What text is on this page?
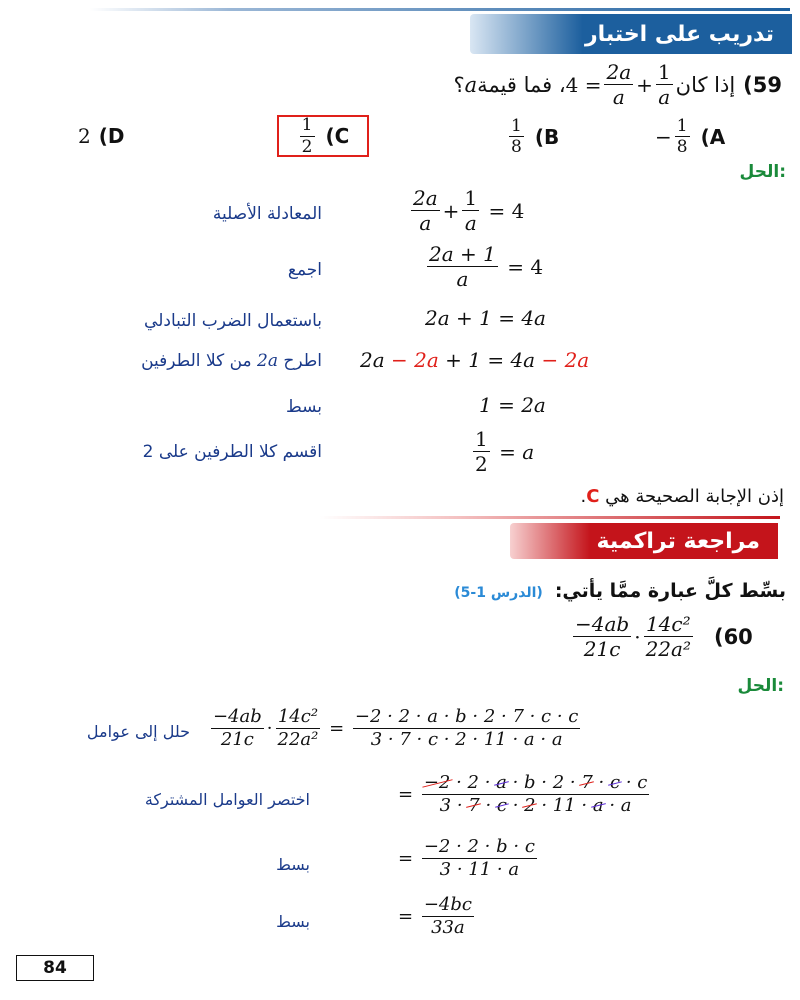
تدريب على اختبار
59)
إذا كان
$4 = \frac{2a}{a} + \frac{1}{a}$
، فما قيمة
a
؟
− $\frac{1}{8} (A$
$\frac{1}{8} (B$
$\frac{1}{2} (C$
2 (D
الحل:
المعادلة الأصلية
اجمع
باستعمال الضرب التبادلي
اطرح 2a من كلا الطرفين
بسط
اقسم كلا الطرفين على 2
$\frac{2a}{a} + \frac{1}{a} = 4$
$\frac{2a + 1}{a} = 4$
2a + 1 = 4a
2a − 2a + 1 = 4a − 2a
1 = 2a
$\frac{1}{2} = a$
إذن الإجابة الصحيحة هي C.
مراجعة تراكمية
بسِّط كلَّ عبارة ممَّا يأتي: (الدرس 1-5)
$\frac{-4ab}{21c} \cdot \frac{\text{14c²}}{\text{22a²}} (60$
الحل:
حلل إلى عوامل
اختصر العوامل المشتركة
بسط
بسط
$\frac{-4ab}{21c} \cdot \frac{\text{14c²}}{\text{22a²}} = \frac{-2 \cdot 2 \cdot a \cdot b \cdot 2 \cdot 7 \cdot c \cdot c}{3 \cdot 7 \cdot c \cdot 2 \cdot 11 \cdot a \cdot a}$
= $\frac{-2 \cdot 2 \cdot a \cdot b \cdot 2 \cdot 7 \cdot c \cdot c}{3 \cdot 7 \cdot c \cdot 2 \cdot 11 \cdot a \cdot a}$
= $\frac{-2 \cdot 2 \cdot b \cdot c}{3 \cdot 11 \cdot a}$
= $\frac{-4bc}{33a}$
84
